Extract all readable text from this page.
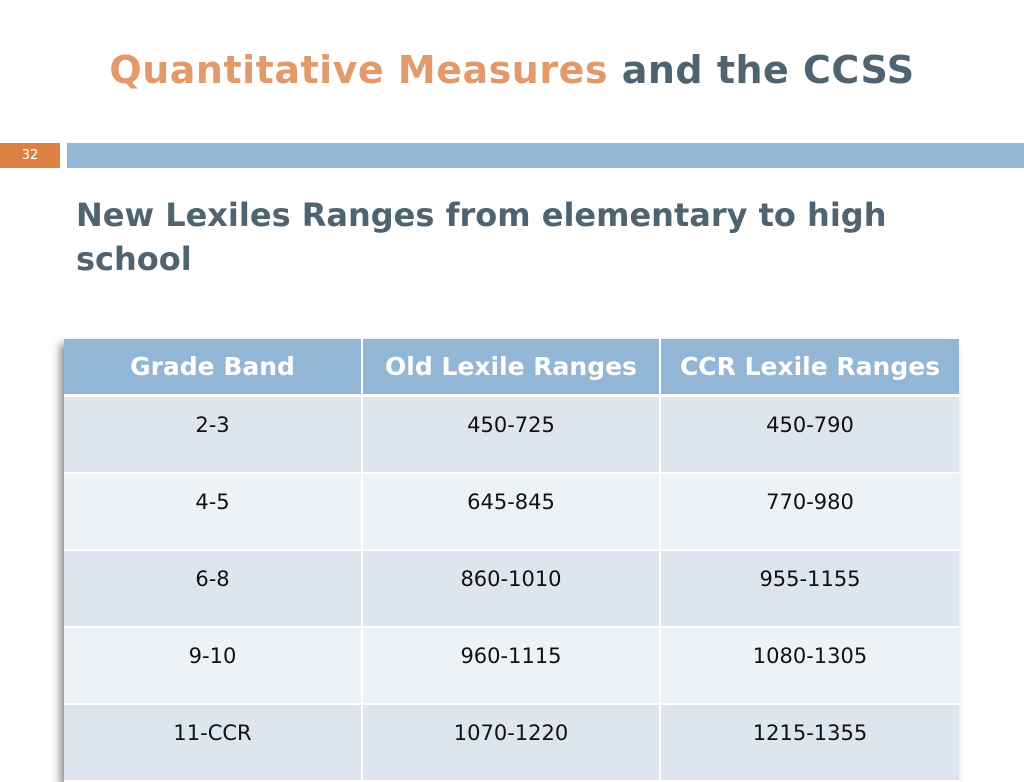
Quantitative Measures and the CCSS
32
New Lexiles Ranges from elementary to high school
Grade Band	Old Lexile Ranges	CCR Lexile Ranges
2-3	450-725	450-790
4-5	645-845	770-980
6-8	860-1010	955-1155
9-10	960-1115	1080-1305
11-CCR	1070-1220	1215-1355
